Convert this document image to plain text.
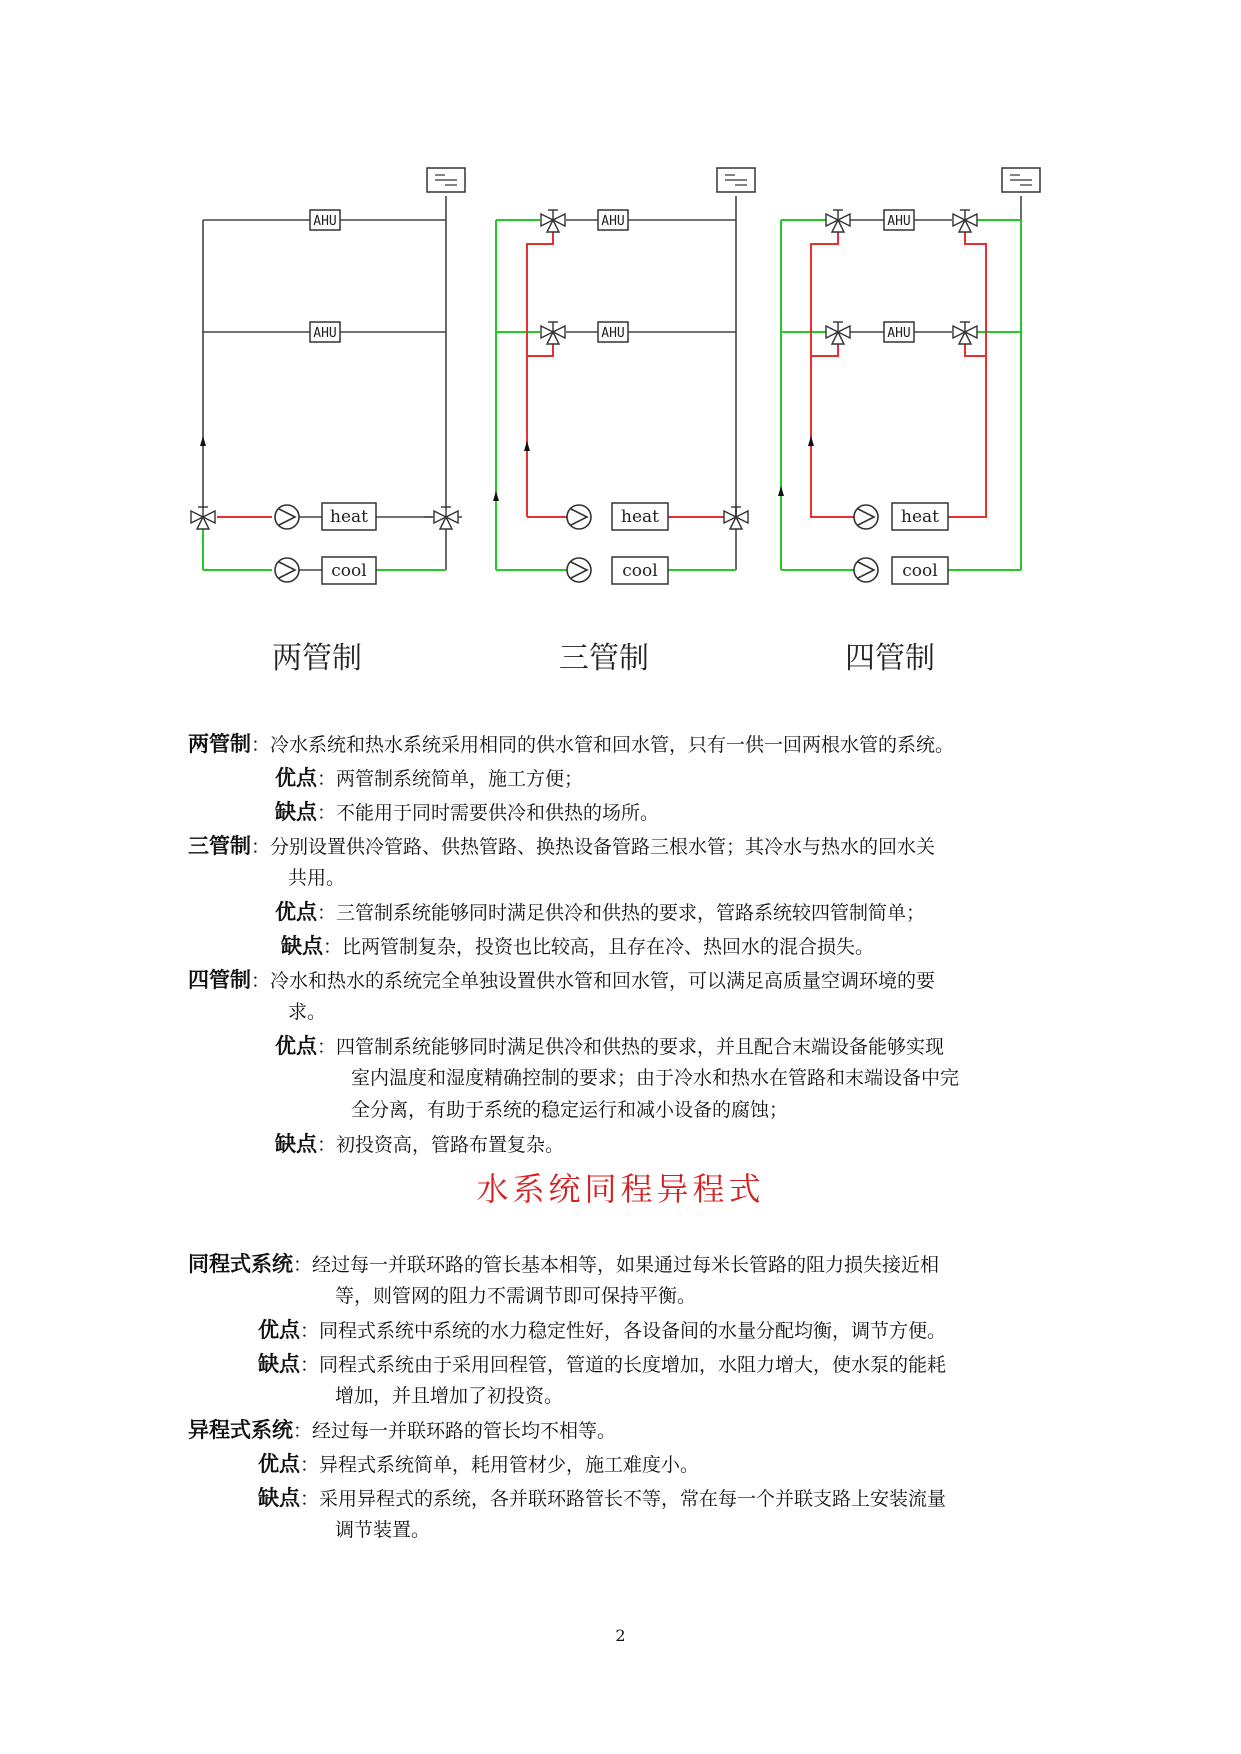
AHU
AHU
heat
cool
两管制
AHU
AHU
heat
cool
三管制
AHU
AHU
heat
cool
四管制
两管制：冷水系统和热水系统采用相同的供水管和回水管，只有一供一回两根水管的系统。
优点：两管制系统简单，施工方便；
缺点：不能用于同时需要供冷和供热的场所。
三管制：分别设置供冷管路、供热管路、换热设备管路三根水管；其冷水与热水的回水关
共用。
优点：三管制系统能够同时满足供冷和供热的要求，管路系统较四管制简单；
缺点：比两管制复杂，投资也比较高，且存在冷、热回水的混合损失。
四管制：冷水和热水的系统完全单独设置供水管和回水管，可以满足高质量空调环境的要
求。
优点：四管制系统能够同时满足供冷和供热的要求，并且配合末端设备能够实现
室内温度和湿度精确控制的要求；由于冷水和热水在管路和末端设备中完
全分离，有助于系统的稳定运行和减小设备的腐蚀；
缺点：初投资高，管路布置复杂。
水系统同程异程式
同程式系统：经过每一并联环路的管长基本相等，如果通过每米长管路的阻力损失接近相
等，则管网的阻力不需调节即可保持平衡。
优点：同程式系统中系统的水力稳定性好，各设备间的水量分配均衡，调节方便。
缺点：同程式系统由于采用回程管，管道的长度增加，水阻力增大，使水泵的能耗
增加，并且增加了初投资。
异程式系统：经过每一并联环路的管长均不相等。
优点：异程式系统简单，耗用管材少，施工难度小。
缺点：采用异程式的系统，各并联环路管长不等，常在每一个并联支路上安装流量
调节装置。
2
